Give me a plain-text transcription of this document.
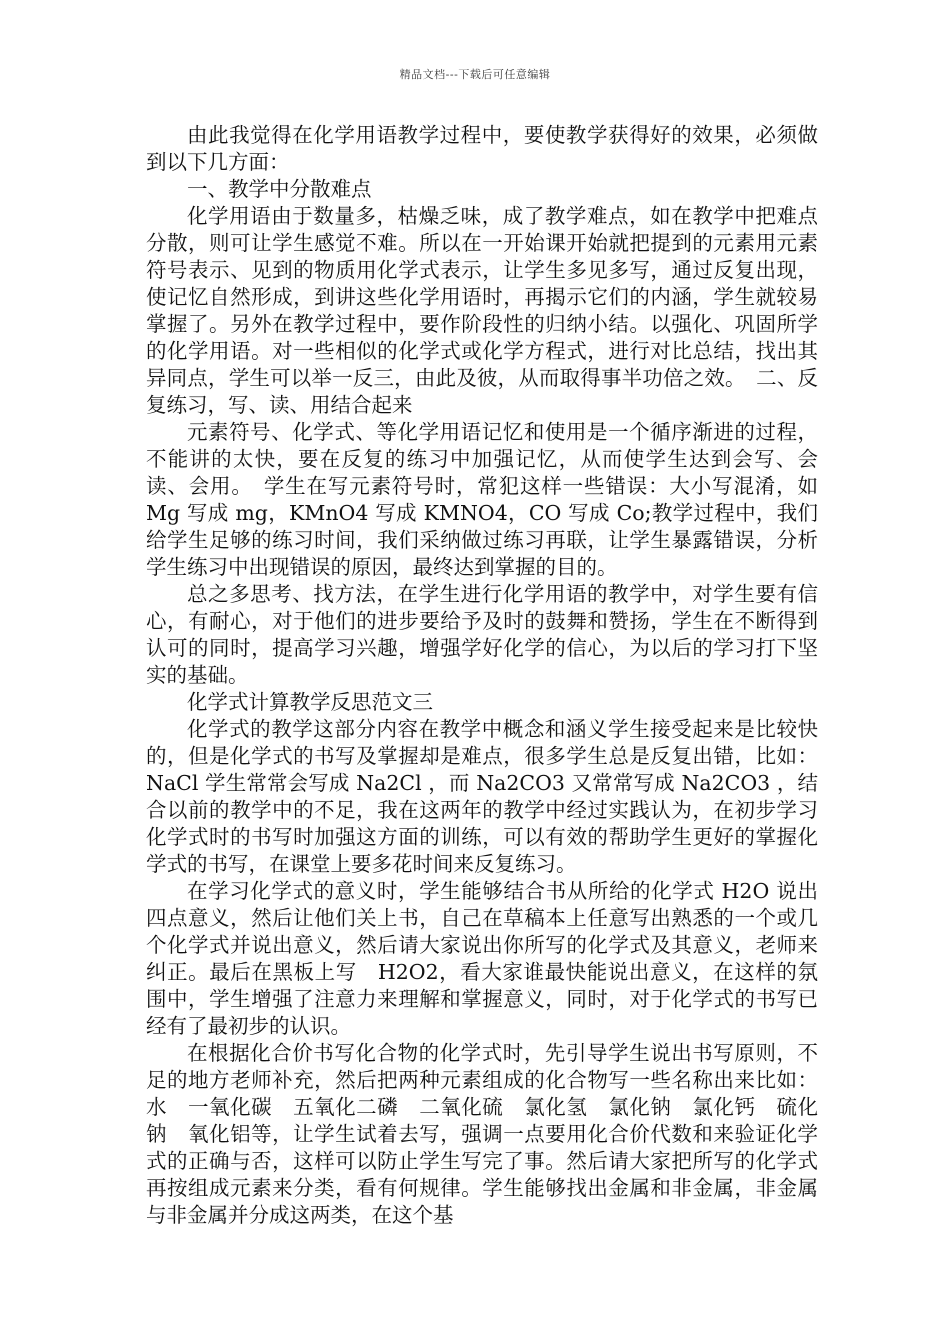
精品文档---下载后可任意编辑

由此我觉得在化学用语教学过程中，要使教学获得好的效果，必须做到以下几方面：

一、教学中分散难点

化学用语由于数量多，枯燥乏味，成了教学难点，如在教学中把难点分散，则可让学生感觉不难。所以在一开始课开始就把提到的元素用元素符号表示、见到的物质用化学式表示，让学生多见多写，通过反复出现，使记忆自然形成，到讲这些化学用语时，再揭示它们的内涵，学生就较易掌握了。另外在教学过程中，要作阶段性的归纳小结。以强化、巩固所学的化学用语。对一些相似的化学式或化学方程式，进行对比总结，找出其异同点，学生可以举一反三，由此及彼，从而取得事半功倍之效。　二、反复练习，写、读、用结合起来

元素符号、化学式、等化学用语记忆和使用是一个循序渐进的过程，不能讲的太快，要在反复的练习中加强记忆，从而使学生达到会写、会读、会用。　学生在写元素符号时，常犯这样一些错误：大小写混淆，如 Mg 写成 mg，KMnO4 写成 KMNO4，CO 写成 Co;教学过程中，我们给学生足够的练习时间，我们采纳做过练习再联，让学生暴露错误，分析学生练习中出现错误的原因，最终达到掌握的目的。

总之多思考、找方法，在学生进行化学用语的教学中，对学生要有信心，有耐心，对于他们的进步要给予及时的鼓舞和赞扬，学生在不断得到认可的同时，提高学习兴趣，增强学好化学的信心，为以后的学习打下坚实的基础。

化学式计算教学反思范文三

化学式的教学这部分内容在教学中概念和涵义学生接受起来是比较快的，但是化学式的书写及掌握却是难点，很多学生总是反复出错，比如：NaCl 学生常常会写成 Na2Cl ，而 Na2CO3 又常常写成 Na2CO3 ，结合以前的教学中的不足，我在这两年的教学中经过实践认为，在初步学习化学式时的书写时加强这方面的训练，可以有效的帮助学生更好的掌握化学式的书写，在课堂上要多花时间来反复练习。

在学习化学式的意义时，学生能够结合书从所给的化学式 H2O 说出四点意义，然后让他们关上书，自己在草稿本上任意写出熟悉的一个或几个化学式并说出意义，然后请大家说出你所写的化学式及其意义，老师来纠正。最后在黑板上写　H2O2，看大家谁最快能说出意义，在这样的氛围中，学生增强了注意力来理解和掌握意义，同时，对于化学式的书写已经有了最初步的认识。

在根据化合价书写化合物的化学式时，先引导学生说出书写原则，不足的地方老师补充，然后把两种元素组成的化合物写一些名称出来比如：水　一氧化碳　五氧化二磷　二氧化硫　氯化氢　氯化钠　氯化钙　硫化钠　氧化铝等，让学生试着去写，强调一点要用化合价代数和来验证化学式的正确与否，这样可以防止学生写完了事。然后请大家把所写的化学式再按组成元素来分类，看有何规律。学生能够找出金属和非金属，非金属与非金属并分成这两类，在这个基
